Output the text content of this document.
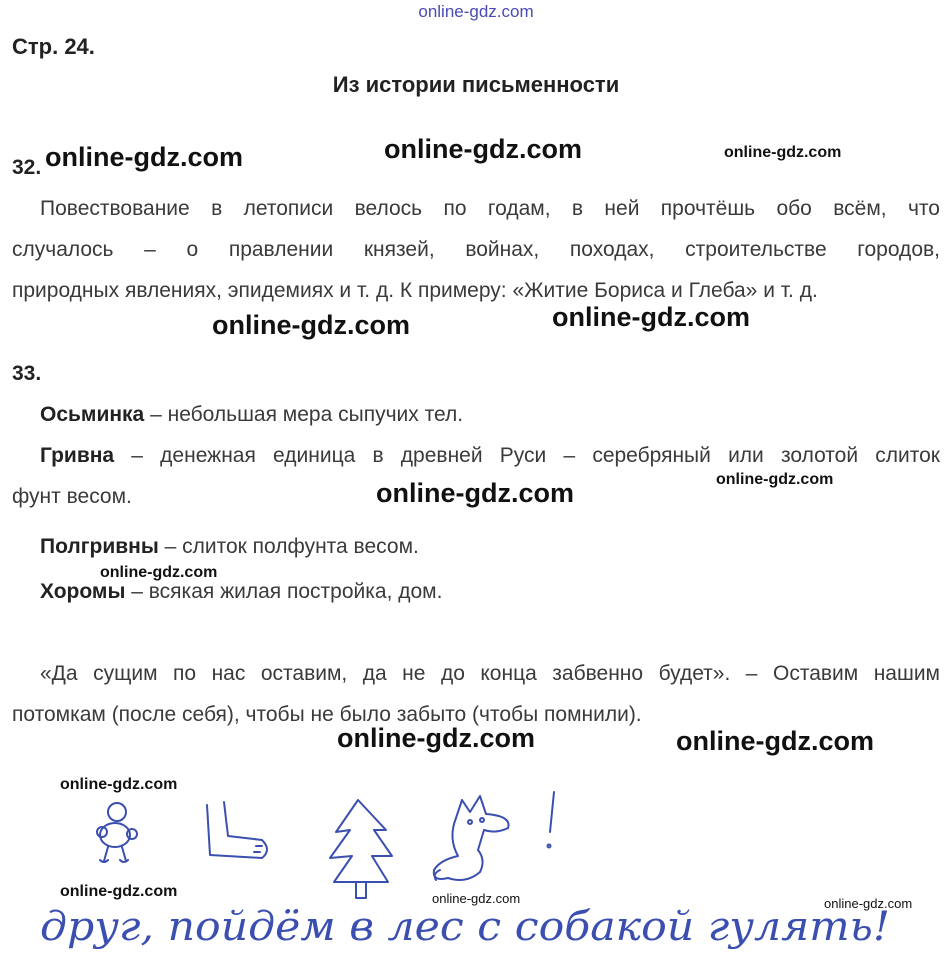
online-gdz.com
Стр. 24.
Из истории письменности
32.
Повествование в летописи велось по годам, в ней прочтёшь обо всём, что
случалось – о правлении князей, войнах, походах, строительстве городов,
природных явлениях, эпидемиях и т. д. К примеру: «Житие Бориса и Глеба» и т. д.
33.
Осьминка – небольшая мера сыпучих тел.
Гривна – денежная единица в древней Руси – серебряный или золотой слиток
фунт весом.
Полгривны – слиток полфунта весом.
Хоромы – всякая жилая постройка, дом.
«Да сущим по нас оставим, да не до конца забвенно будет». – Оставим нашим
потомкам (после себя), чтобы не было забыто (чтобы помнили).
online-gdz.com	online-gdz.com	online-gdz.com
online-gdz.com	online-gdz.com
online-gdz.com	online-gdz.com
online-gdz.com
online-gdz.com	online-gdz.com
online-gdz.com
online-gdz.com	online-gdz.com	online-gdz.com
друг, пойдём в лес с собакой гулять!
